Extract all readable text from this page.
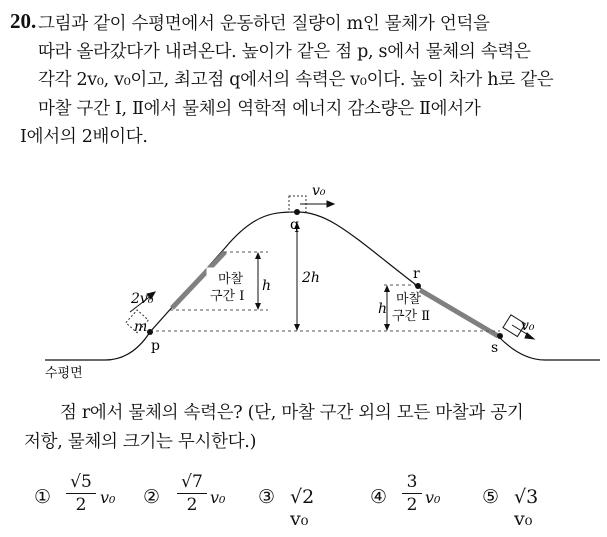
20. 그림과 같이 수평면에서 운동하던 질량이 m인 물체가 언덕을
따라 올라갔다가 내려온다. 높이가 같은 점 p, s에서 물체의 속력은
각각 2v₀, v₀이고, 최고점 q에서의 속력은 v₀이다. 높이 차가 h로 같은
마찰 구간 Ⅰ, Ⅱ에서 물체의 역학적 에너지 감소량은 Ⅱ에서가
Ⅰ에서의 2배이다.
수평면
p
q
r
s
m
2v₀
v₀
v₀
마찰
구간 Ⅰ	마찰
구간 Ⅱ
h 2h
h
점 r에서 물체의 속력은? (단, 마찰 구간 외의 모든 마찰과 공기
저항, 물체의 크기는 무시한다.)
①
√5
2 v₀ ②
√7
2 v₀ ③ √2 v₀
④
3
2 v₀ ⑤ √3 v₀
